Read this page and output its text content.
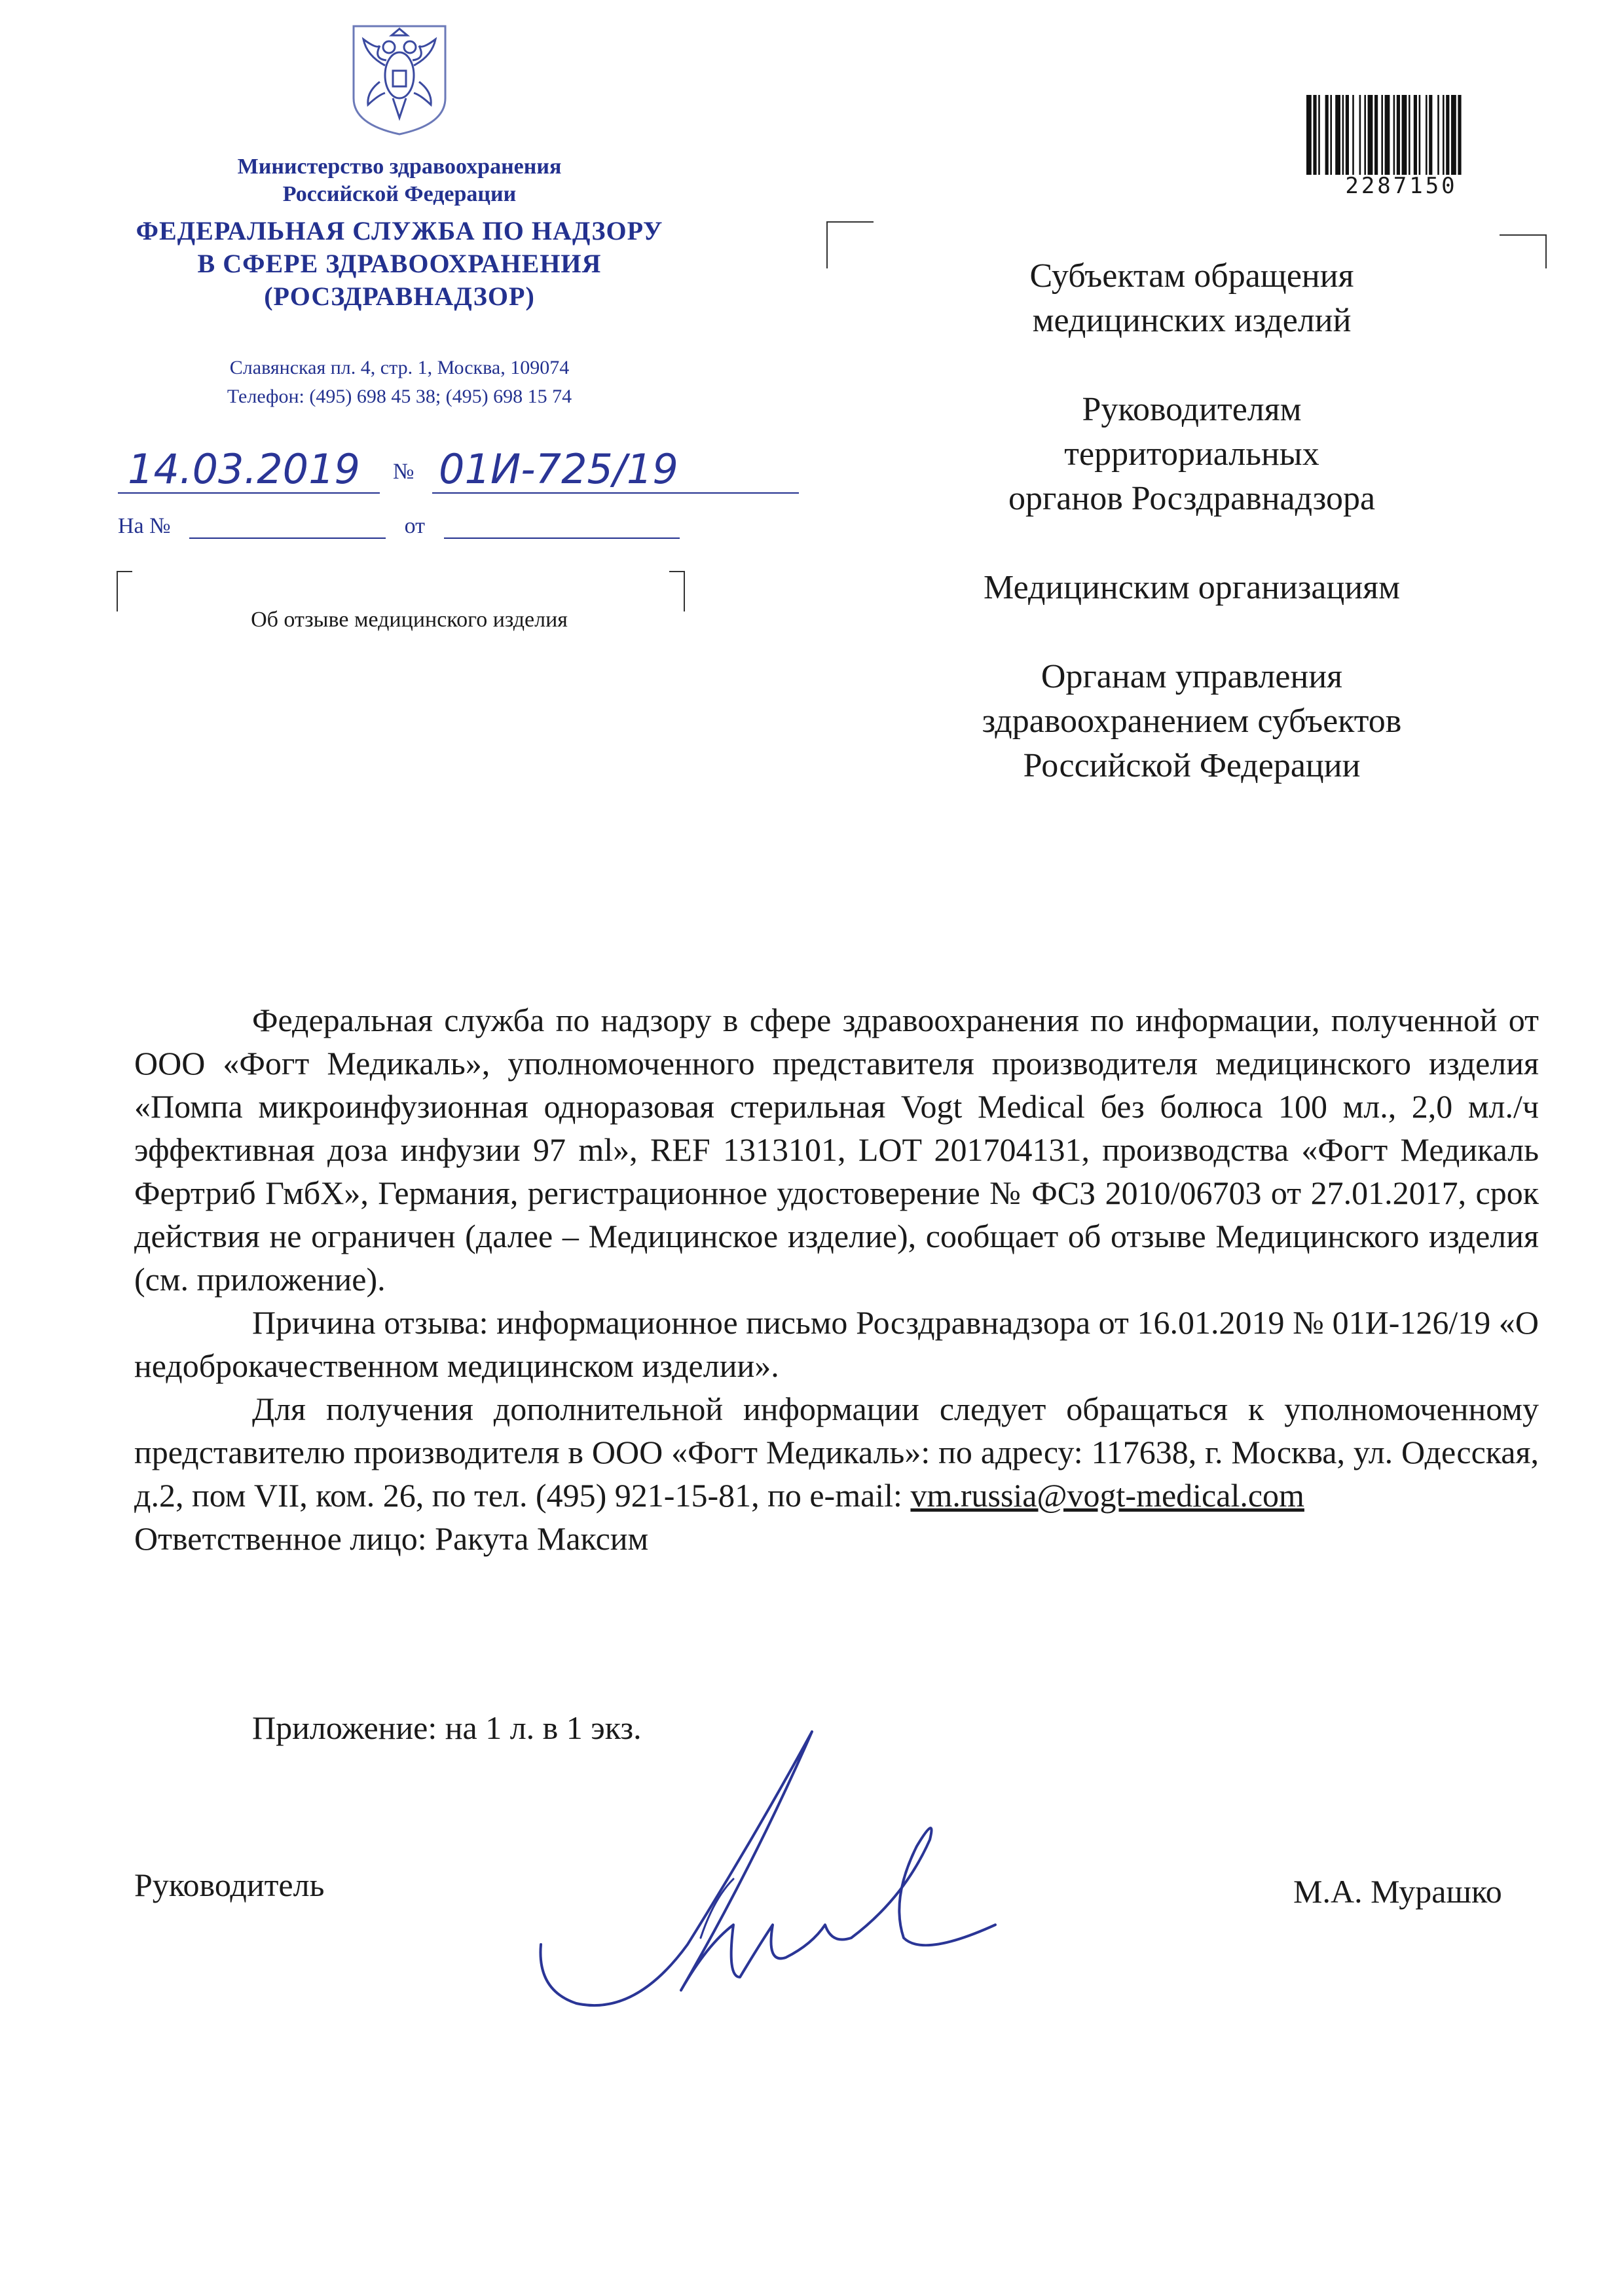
Министерство здравоохранения
Российской Федерации
ФЕДЕРАЛЬНАЯ СЛУЖБА ПО НАДЗОРУ
В СФЕРЕ ЗДРАВООХРАНЕНИЯ
(РОСЗДРАВНАДЗОР)
Славянская пл. 4, стр. 1, Москва, 109074
Телефон: (495) 698 45 38; (495) 698 15 74
14.03.2019 № 01И-725/19
На №	от
Об отзыве медицинского изделия
2287150
Субъектам обращения
медицинских изделий
Руководителям
территориальных
органов Росздравнадзора
Медицинским организациям
Органам управления
здравоохранением субъектов
Российской Федерации

Федеральная служба по надзору в сфере здравоохранения по информации, полученной от ООО «Фогт Медикаль», уполномоченного представителя производителя медицинского изделия «Помпа микроинфузионная одноразовая стерильная Vogt Medical без болюса 100 мл., 2,0 мл./ч эффективная доза инфузии 97 ml», REF 1313101, LOT 201704131, производства «Фогт Медикаль Фертриб ГмбХ», Германия, регистрационное удостоверение № ФСЗ 2010/06703 от 27.01.2017, срок действия не ограничен (далее – Медицинское изделие), сообщает об отзыве Медицинского изделия (см. приложение).

Причина отзыва: информационное письмо Росздравнадзора от 16.01.2019 № 01И-126/19 «О недоброкачественном медицинском изделии».

Для получения дополнительной информации следует обращаться к уполномоченному представителю производителя в ООО «Фогт Медикаль»: по адресу: 117638, г. Москва, ул. Одесская, д.2, пом VII, ком. 26, по тел. (495) 921-15-81, по e-mail: vm.russia@vogt-medical.com

Ответственное лицо: Ракута Максим

Приложение: на 1 л. в 1 экз.
Руководитель	М.А. Мурашко
